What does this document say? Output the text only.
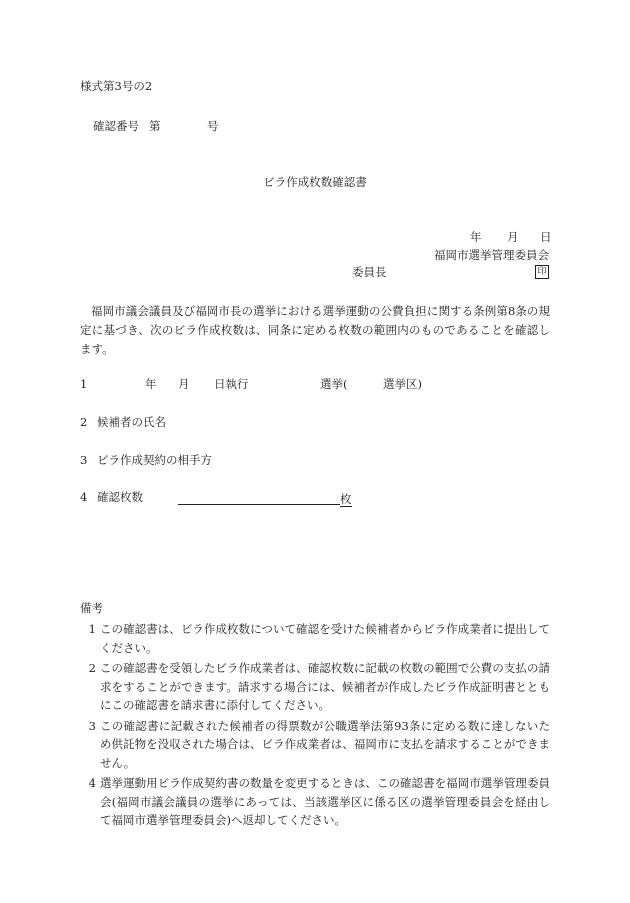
様式第3号の2
確認番号 第	号
ビラ作成枚数確認書
年 月 日
福岡市選挙管理委員会
委員長	印
福岡市議会議員及び福岡市長の選挙における選挙運動の公費負担に関する条例第8条の規定に基づき、次のビラ作成枚数は、同条に定める枚数の範囲内のものであることを確認します。
1	年 月 日執行	選挙(	選挙区)
2 候補者の氏名
3 ビラ作成契約の相手方
4 確認枚数	枚
備考
1 この確認書は、ビラ作成枚数について確認を受けた候補者からビラ作成業者に提出してください。
2 この確認書を受領したビラ作成業者は、確認枚数に記載の枚数の範囲で公費の支払の請求をすることができます。請求する場合には、候補者が作成したビラ作成証明書とともにこの確認書を請求書に添付してください。
3 この確認書に記載された候補者の得票数が公職選挙法第93条に定める数に達しないため供託物を没収された場合は、ビラ作成業者は、福岡市に支払を請求することができません。
4 選挙運動用ビラ作成契約書の数量を変更するときは、この確認書を福岡市選挙管理委員会(福岡市議会議員の選挙にあっては、当該選挙区に係る区の選挙管理委員会を経由して福岡市選挙管理委員会)へ返却してください。
